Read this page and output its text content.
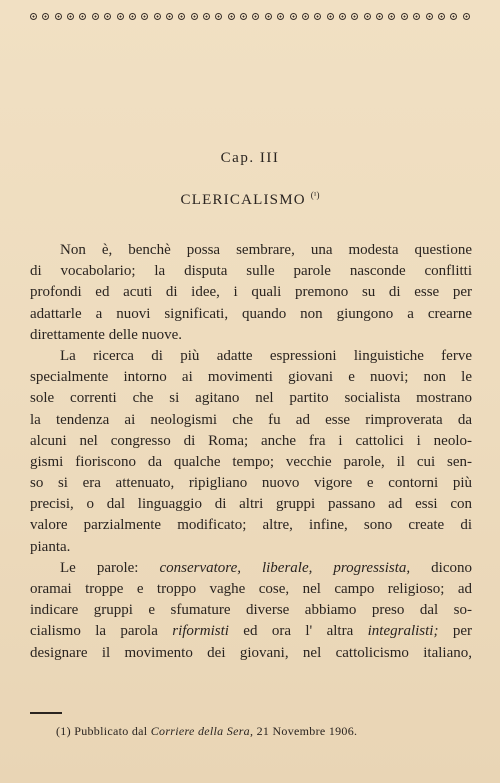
Cap. III
CLERICALISMO $^{(^1)}$
Non è, benchè possa sembrare, una modesta questione
di vocabolario; la disputa sulle parole nasconde conflitti
profondi ed acuti di idee, i quali premono su di esse per
adattarle a nuovi significati, quando non giungono a crearne
direttamente delle nuove.
La ricerca di più adatte espressioni linguistiche ferve
specialmente intorno ai movimenti giovani e nuovi; non le
sole correnti che si agitano nel partito socialista mostrano
la tendenza ai neologismi che fu ad esse rimproverata da
alcuni nel congresso di Roma; anche fra i cattolici i neolo-
gismi fioriscono da qualche tempo; vecchie parole, il cui sen-
so si era attenuato, ripigliano nuovo vigore e contorni più
precisi, o dal linguaggio di altri gruppi passano ad essi con
valore parzialmente modificato; altre, infine, sono create di
pianta.
Le parole: conservatore, liberale, progressista, dicono
oramai troppe e troppo vaghe cose, nel campo religioso; ad
indicare gruppi e sfumature diverse abbiamo preso dal so-
cialismo la parola riformisti ed ora l' altra integralisti; per
designare il movimento dei giovani, nel cattolicismo italiano,
(1) Pubblicato dal Corriere della Sera, 21 Novembre 1906.
